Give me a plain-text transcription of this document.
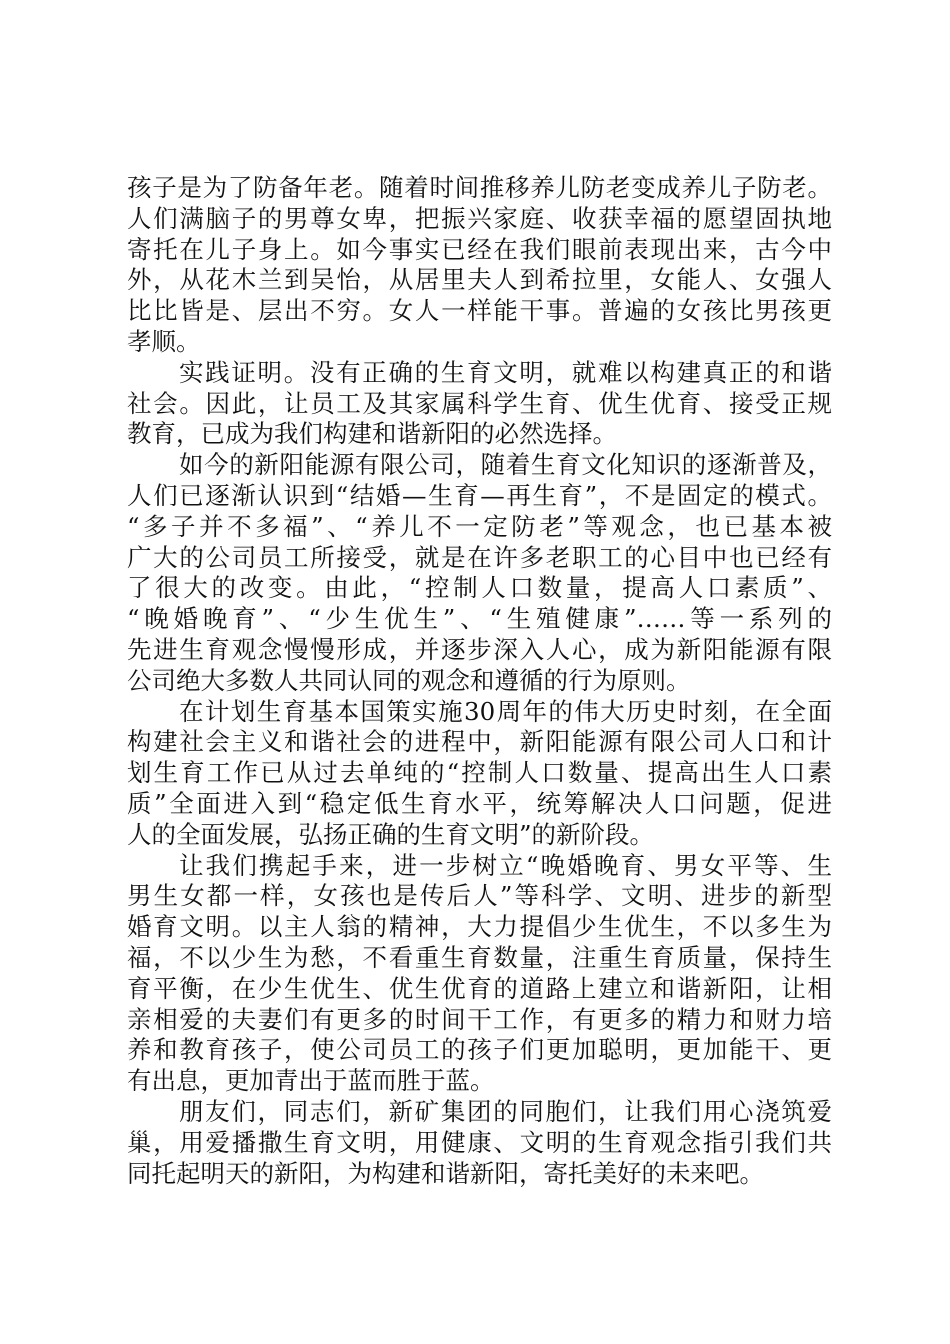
孩子是为了防备年老。随着时间推移养儿防老变成养儿子防老。
人们满脑子的男尊女卑，把振兴家庭、收获幸福的愿望固执地
寄托在儿子身上。如今事实已经在我们眼前表现出来，古今中
外，从花木兰到吴怡，从居里夫人到希拉里，女能人、女强人
比比皆是、层出不穷。女人一样能干事。普遍的女孩比男孩更
孝顺。
实践证明。没有正确的生育文明，就难以构建真正的和谐
社会。因此，让员工及其家属科学生育、优生优育、接受正规
教育，已成为我们构建和谐新阳的必然选择。
如今的新阳能源有限公司，随着生育文化知识的逐渐普及，
人们已逐渐认识到“结婚—生育—再生育”，不是固定的模式。
“多子并不多福”、“养儿不一定防老”等观念，也已基本被
广大的公司员工所接受，就是在许多老职工的心目中也已经有
了很大的改变。由此，“控制人口数量，提高人口素质”、
“晚婚晚育”、“少生优生”、“生殖健康”……等一系列的
先进生育观念慢慢形成，并逐步深入人心，成为新阳能源有限
公司绝大多数人共同认同的观念和遵循的行为原则。
在计划生育基本国策实施30周年的伟大历史时刻，在全面
构建社会主义和谐社会的进程中，新阳能源有限公司人口和计
划生育工作已从过去单纯的“控制人口数量、提高出生人口素
质”全面进入到“稳定低生育水平，统筹解决人口问题，促进
人的全面发展，弘扬正确的生育文明”的新阶段。
让我们携起手来，进一步树立“晚婚晚育、男女平等、生
男生女都一样，女孩也是传后人”等科学、文明、进步的新型
婚育文明。以主人翁的精神，大力提倡少生优生，不以多生为
福，不以少生为愁，不看重生育数量，注重生育质量，保持生
育平衡，在少生优生、优生优育的道路上建立和谐新阳，让相
亲相爱的夫妻们有更多的时间干工作，有更多的精力和财力培
养和教育孩子，使公司员工的孩子们更加聪明，更加能干、更
有出息，更加青出于蓝而胜于蓝。
朋友们，同志们，新矿集团的同胞们，让我们用心浇筑爱
巢，用爱播撒生育文明，用健康、文明的生育观念指引我们共
同托起明天的新阳，为构建和谐新阳，寄托美好的未来吧。
